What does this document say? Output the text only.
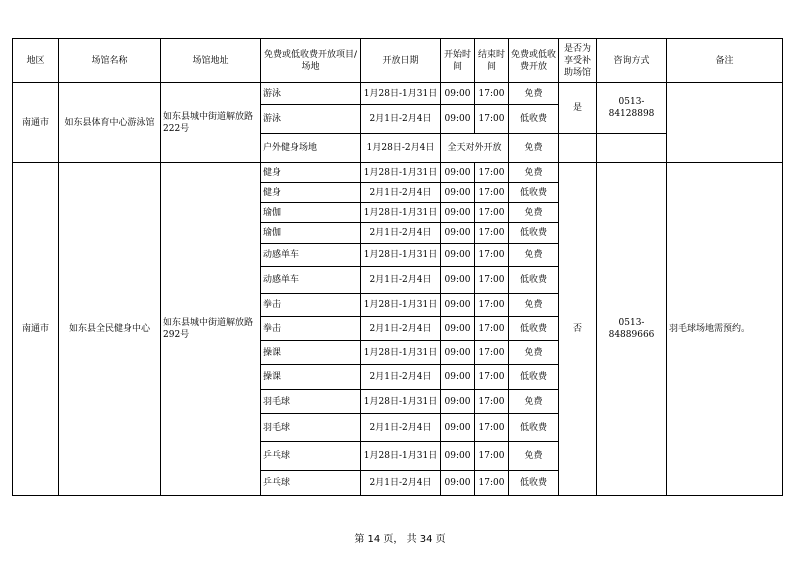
地区	场馆名称	场馆地址	免费或低收费开放项目/场地	开放日期	开始时间	结束时间	免费或低收费开放	是否为享受补助场馆	咨询方式	备注
南通市	如东县体育中心游泳馆	如东县城中街道解放路222号	游泳	1月28日-1月31日	09:00	17:00	免费	是	0513-84128898	
			游泳	2月1日-2月4日	09:00	17:00	低收费			
			户外健身场地	1月28日-2月4日	全天对外开放		免费			
南通市	如东县全民健身中心	如东县城中街道解放路292号	健身	1月28日-1月31日	09:00	17:00	免费	否	0513-84889666	羽毛球场地需预约。
			健身	2月1日-2月4日	09:00	17:00	低收费			
			瑜伽	1月28日-1月31日	09:00	17:00	免费			
			瑜伽	2月1日-2月4日	09:00	17:00	低收费			
			动感单车	1月28日-1月31日	09:00	17:00	免费			
			动感单车	2月1日-2月4日	09:00	17:00	低收费			
			拳击	1月28日-1月31日	09:00	17:00	免费			
			拳击	2月1日-2月4日	09:00	17:00	低收费			
			操课	1月28日-1月31日	09:00	17:00	免费			
			操课	2月1日-2月4日	09:00	17:00	低收费			
			羽毛球	1月28日-1月31日	09:00	17:00	免费			
			羽毛球	2月1日-2月4日	09:00	17:00	低收费			
			乒乓球	1月28日-1月31日	09:00	17:00	免费			
			乒乓球	2月1日-2月4日	09:00	17:00	低收费			
第 14 页， 共 34 页
